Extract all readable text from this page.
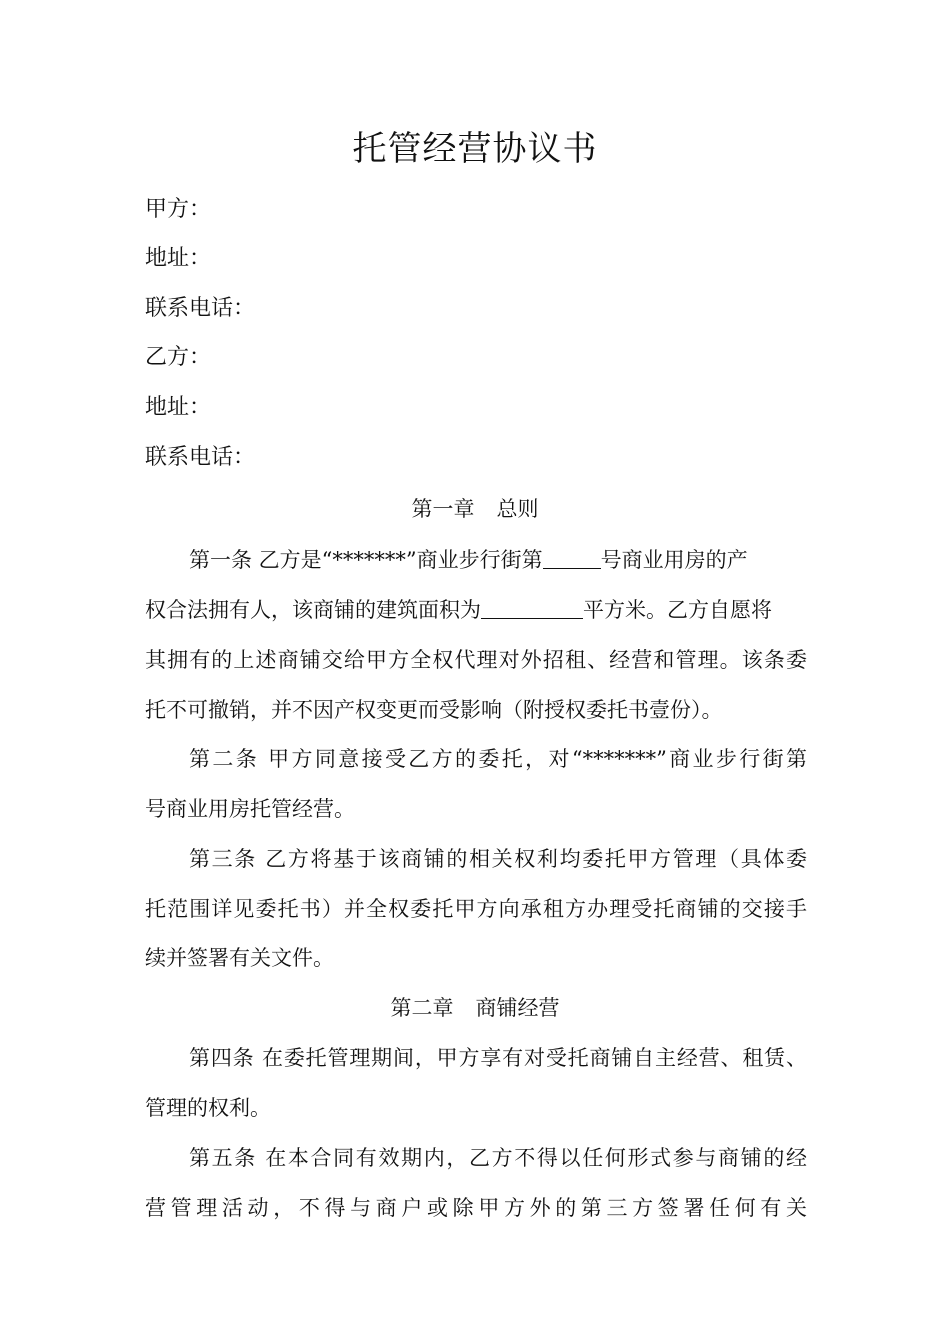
托管经营协议书
甲方：
地址：
联系电话：
乙方：
地址：
联系电话：
第一章 总则
第一条 乙方是“*******”商业步行街第	号商业用房的产
权合法拥有人，该商铺的建筑面积为	平方米。乙方自愿将
其拥有的上述商铺交给甲方全权代理对外招租、经营和管理。该条委
托不可撤销，并不因产权变更而受影响（附授权委托书壹份）。
第二条 甲方同意接受乙方的委托，对“*******”商业步行街第
号商业用房托管经营。
第三条 乙方将基于该商铺的相关权利均委托甲方管理（具体委
托范围详见委托书）并全权委托甲方向承租方办理受托商铺的交接手
续并签署有关文件。
第二章 商铺经营
第四条 在委托管理期间，甲方享有对受托商铺自主经营、租赁、
管理的权利。
第五条 在本合同有效期内，乙方不得以任何形式参与商铺的经
营管理活动，不得与商户或除甲方外的第三方签署任何有关
